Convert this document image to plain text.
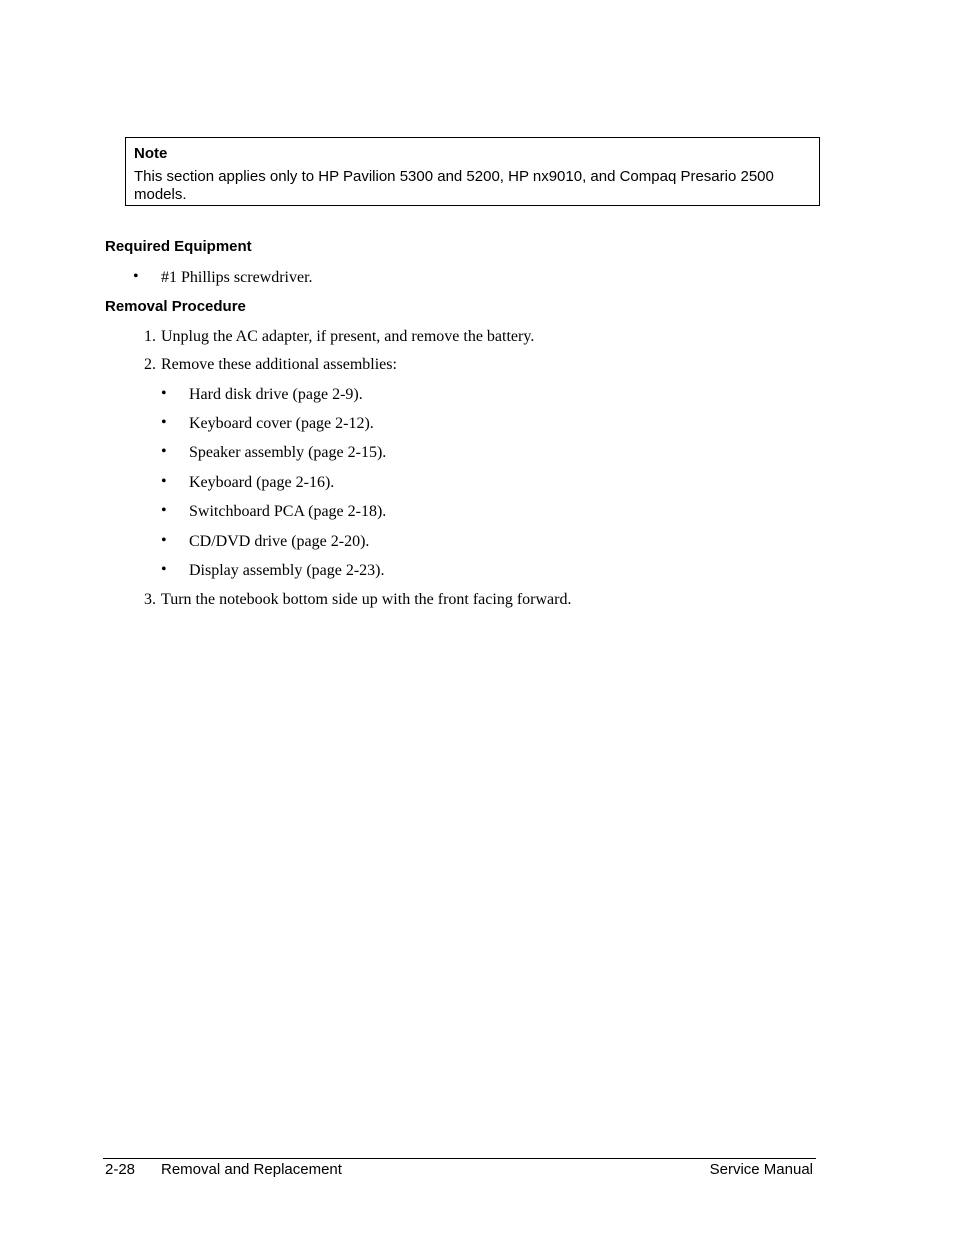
Note
This section applies only to HP Pavilion 5300 and 5200, HP nx9010, and Compaq Presario 2500 models.
Required Equipment
• #1 Phillips screwdriver.
Removal Procedure
1. Unplug the AC adapter, if present, and remove the battery.
2. Remove these additional assemblies:
• Hard disk drive (page 2-9).
• Keyboard cover (page 2-12).
• Speaker assembly (page 2-15).
• Keyboard (page 2-16).
• Switchboard PCA (page 2-18).
• CD/DVD drive (page 2-20).
• Display assembly (page 2-23).
3. Turn the notebook bottom side up with the front facing forward.
2-28 Removal and Replacement	Service Manual
